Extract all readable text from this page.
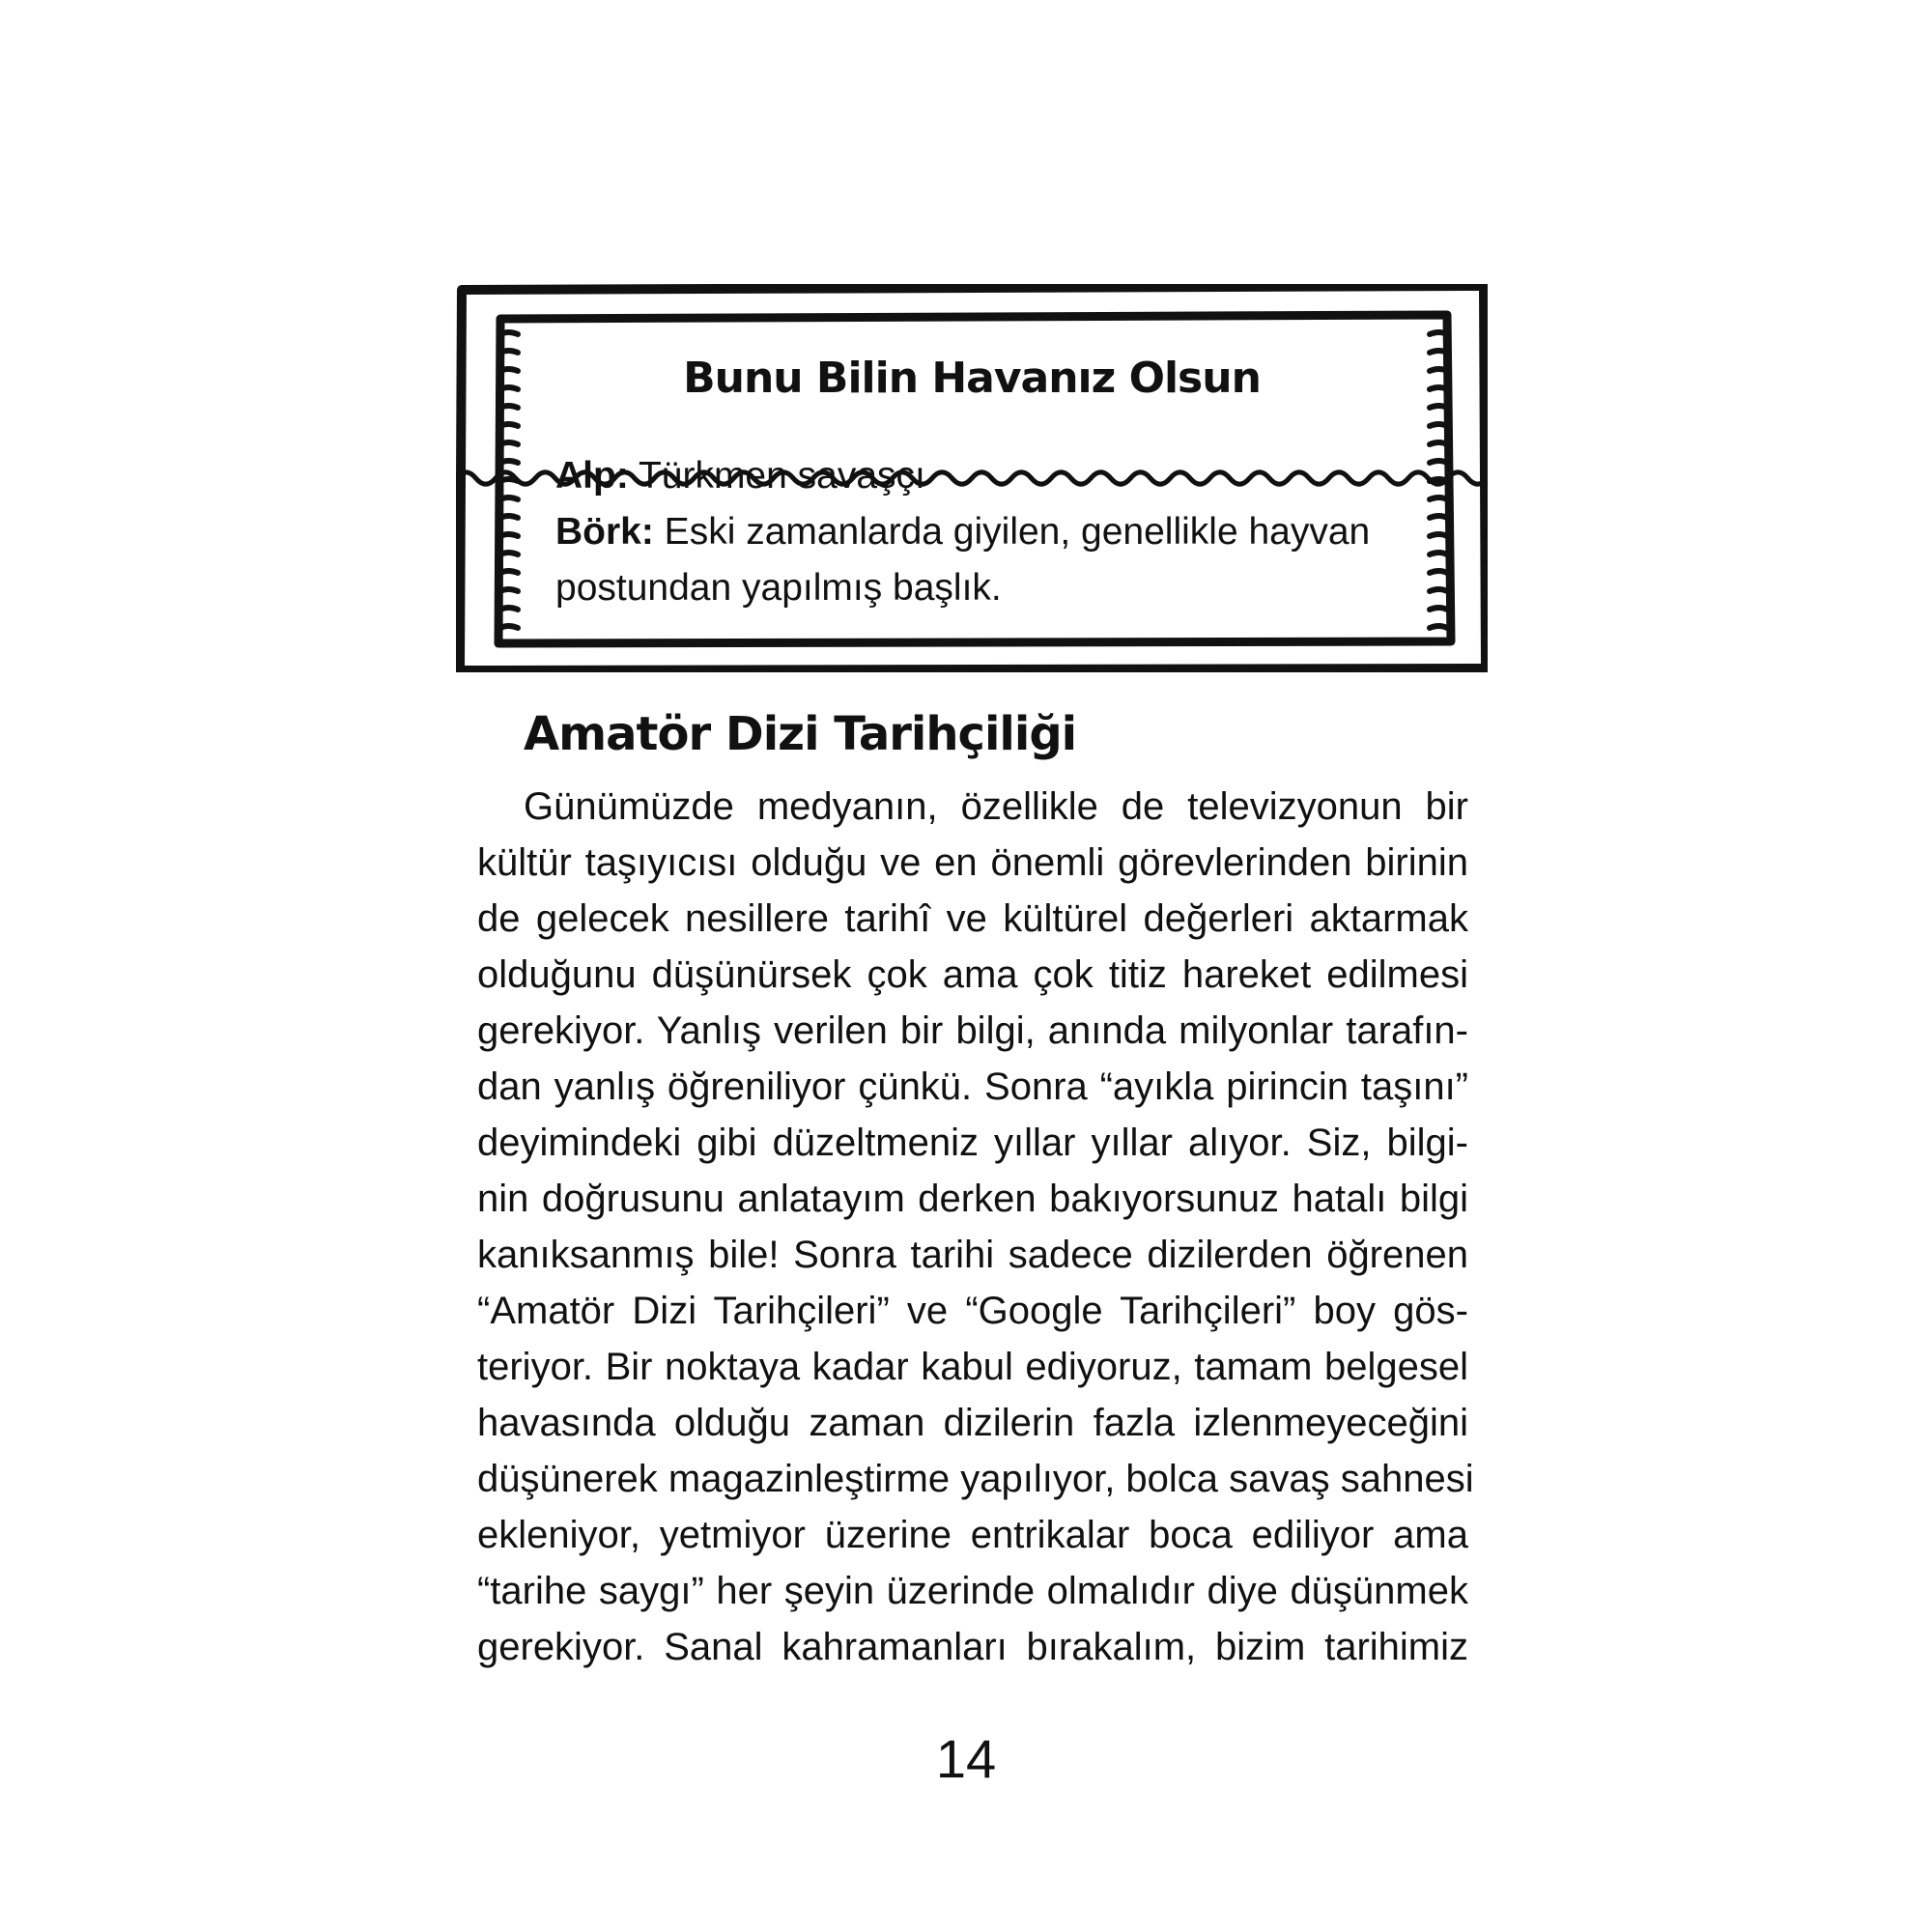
Bunu Bilin Havanız Olsun
Alp: Türkmen savaşçı
Börk: Eski zamanlarda giyilen, genellikle hayvan
postundan yapılmış başlık.
Amatör Dizi Tarihçiliği
Günümüzde medyanın, özellikle de televizyonun bir
kültür taşıyıcısı olduğu ve en önemli görevlerinden birinin
de gelecek nesillere tarihî ve kültürel değerleri aktarmak
olduğunu düşünürsek çok ama çok titiz hareket edilmesi
gerekiyor. Yanlış verilen bir bilgi, anında milyonlar tarafın-
dan yanlış öğreniliyor çünkü. Sonra “ayıkla pirincin taşını”
deyimindeki gibi düzeltmeniz yıllar yıllar alıyor. Siz, bilgi-
nin doğrusunu anlatayım derken bakıyorsunuz hatalı bilgi
kanıksanmış bile! Sonra tarihi sadece dizilerden öğrenen
“Amatör Dizi Tarihçileri” ve “Google Tarihçileri” boy gös-
teriyor. Bir noktaya kadar kabul ediyoruz, tamam belgesel
havasında olduğu zaman dizilerin fazla izlenmeyeceğini
düşünerek magazinleştirme yapılıyor, bolca savaş sahnesi
ekleniyor, yetmiyor üzerine entrikalar boca ediliyor ama
“tarihe saygı” her şeyin üzerinde olmalıdır diye düşünmek
gerekiyor. Sanal kahramanları bırakalım, bizim tarihimiz
14
